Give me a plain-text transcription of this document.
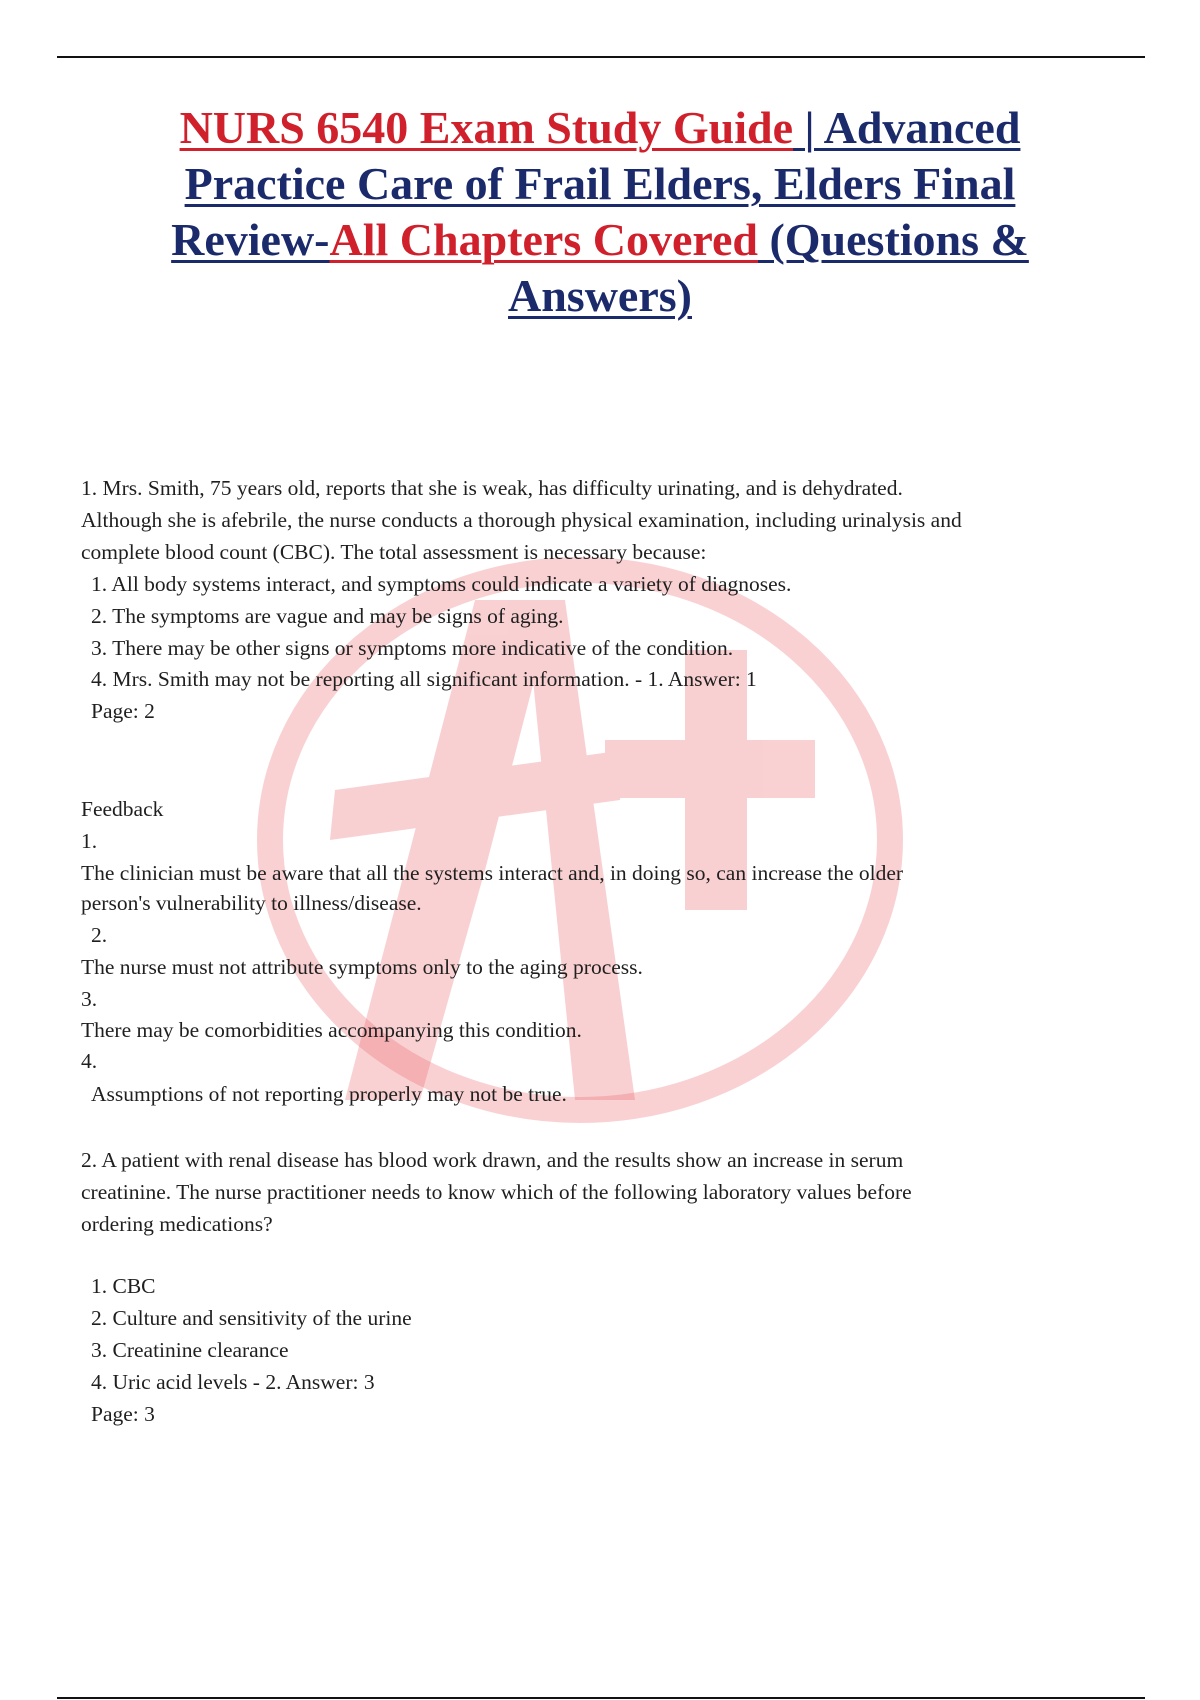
NURS 6540 Exam Study Guide | Advanced Practice Care of Frail Elders, Elders Final Review-All Chapters Covered (Questions & Answers)
1. Mrs. Smith, 75 years old, reports that she is weak, has difficulty urinating, and is dehydrated.
Although she is afebrile, the nurse conducts a thorough physical examination, including urinalysis and
complete blood count (CBC). The total assessment is necessary because:
1. All body systems interact, and symptoms could indicate a variety of diagnoses.
2. The symptoms are vague and may be signs of aging.
3. There may be other signs or symptoms more indicative of the condition.
4. Mrs. Smith may not be reporting all significant information. - 1. Answer: 1
Page: 2
Feedback
1.
The clinician must be aware that all the systems interact and, in doing so, can increase the older
person's vulnerability to illness/disease.
2.
The nurse must not attribute symptoms only to the aging process.
3.
There may be comorbidities accompanying this condition.
4.
Assumptions of not reporting properly may not be true.
2. A patient with renal disease has blood work drawn, and the results show an increase in serum
creatinine. The nurse practitioner needs to know which of the following laboratory values before
ordering medications?
1. CBC
2. Culture and sensitivity of the urine
3. Creatinine clearance
4. Uric acid levels - 2. Answer: 3
Page: 3
